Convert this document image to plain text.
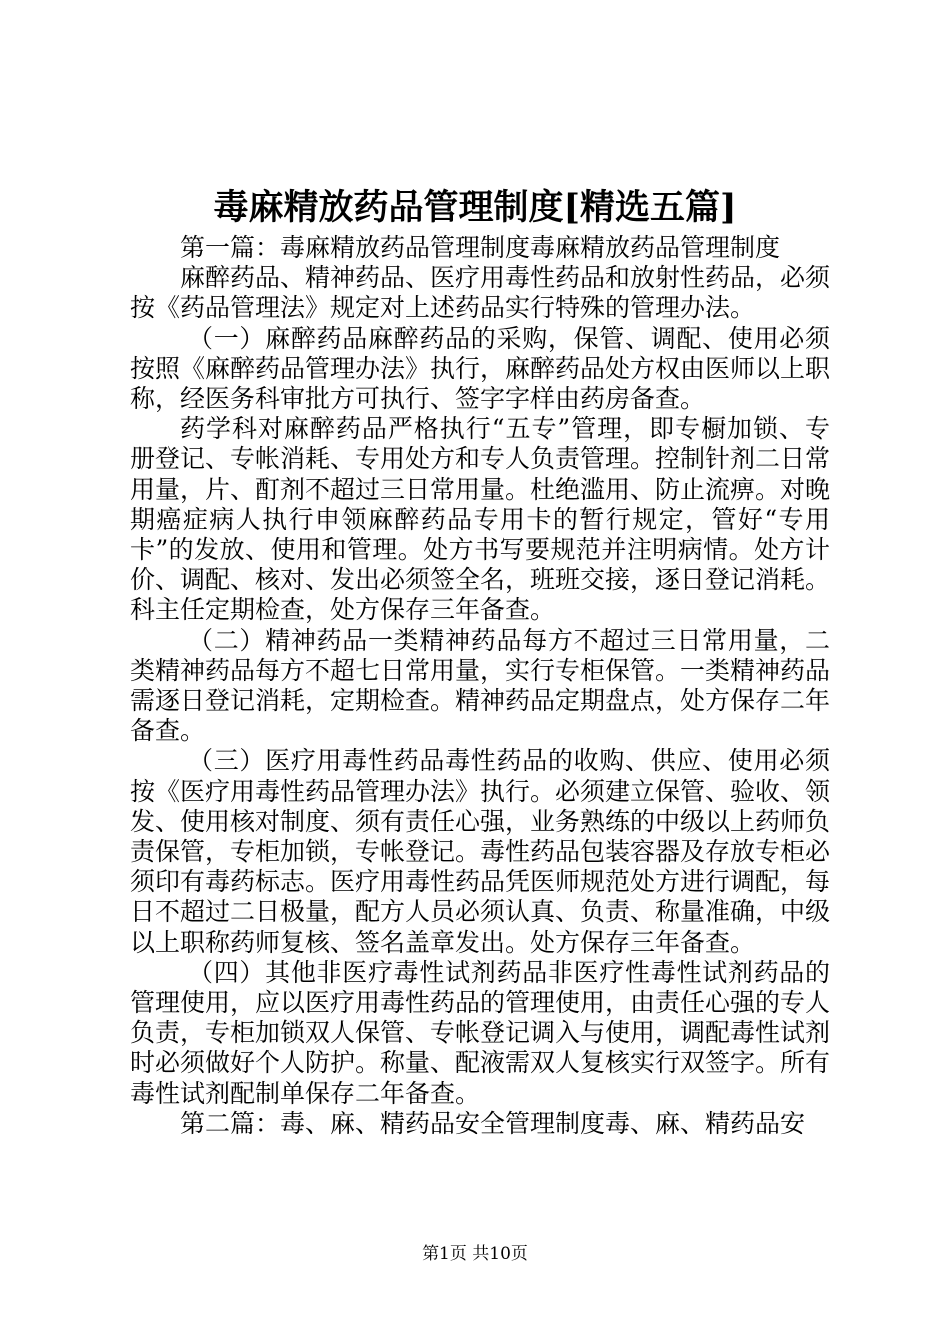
毒麻精放药品管理制度[精选五篇]

第一篇：毒麻精放药品管理制度毒麻精放药品管理制度

麻醉药品、精神药品、医疗用毒性药品和放射性药品，必须按《药品管理法》规定对上述药品实行特殊的管理办法。

（一）麻醉药品麻醉药品的采购，保管、调配、使用必须按照《麻醉药品管理办法》执行，麻醉药品处方权由医师以上职称，经医务科审批方可执行、签字字样由药房备查。

药学科对麻醉药品严格执行“五专”管理，即专橱加锁、专册登记、专帐消耗、专用处方和专人负责管理。控制针剂二日常用量，片、酊剂不超过三日常用量。杜绝滥用、防止流痹。对晚期癌症病人执行申领麻醉药品专用卡的暂行规定，管好“专用卡”的发放、使用和管理。处方书写要规范并注明病情。处方计价、调配、核对、发出必须签全名，班班交接，逐日登记消耗。科主任定期检查，处方保存三年备查。

（二）精神药品一类精神药品每方不超过三日常用量，二类精神药品每方不超七日常用量，实行专柜保管。一类精神药品需逐日登记消耗，定期检查。精神药品定期盘点，处方保存二年备查。

（三）医疗用毒性药品毒性药品的收购、供应、使用必须按《医疗用毒性药品管理办法》执行。必须建立保管、验收、领发、使用核对制度、须有责任心强，业务熟练的中级以上药师负责保管，专柜加锁，专帐登记。毒性药品包装容器及存放专柜必须印有毒药标志。医疗用毒性药品凭医师规范处方进行调配，每日不超过二日极量，配方人员必须认真、负责、称量准确，中级以上职称药师复核、签名盖章发出。处方保存三年备查。

（四）其他非医疗毒性试剂药品非医疗性毒性试剂药品的管理使用，应以医疗用毒性药品的管理使用，由责任心强的专人负责，专柜加锁双人保管、专帐登记调入与使用，调配毒性试剂时必须做好个人防护。称量、配液需双人复核实行双签字。所有毒性试剂配制单保存二年备查。

第二篇：毒、麻、精药品安全管理制度毒、麻、精药品安

第1页 共10页
